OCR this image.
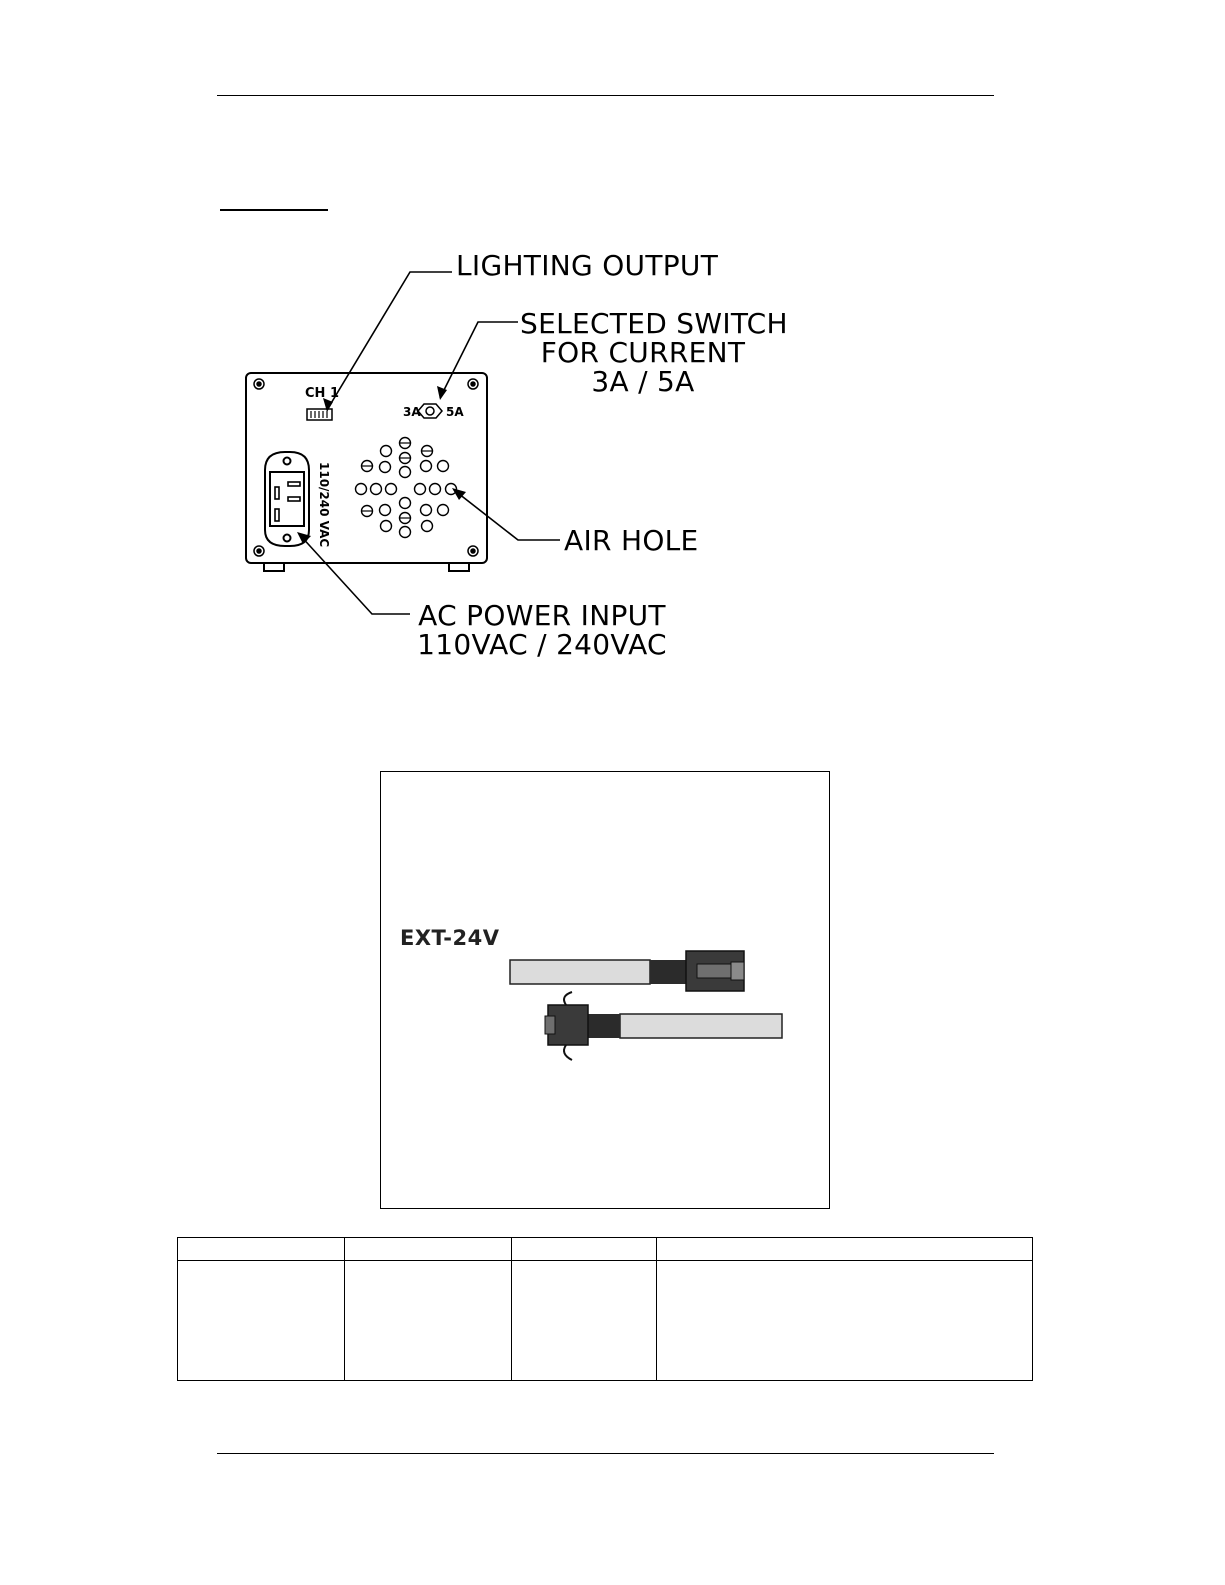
CH 1
3A 5A
110/240 VAC
LIGHTING OUTPUT
SELECTED SWITCH
FOR CURRENT
3A / 5A
AIR HOLE
AC POWER INPUT
110VAC / 240VAC
EXT-24V
